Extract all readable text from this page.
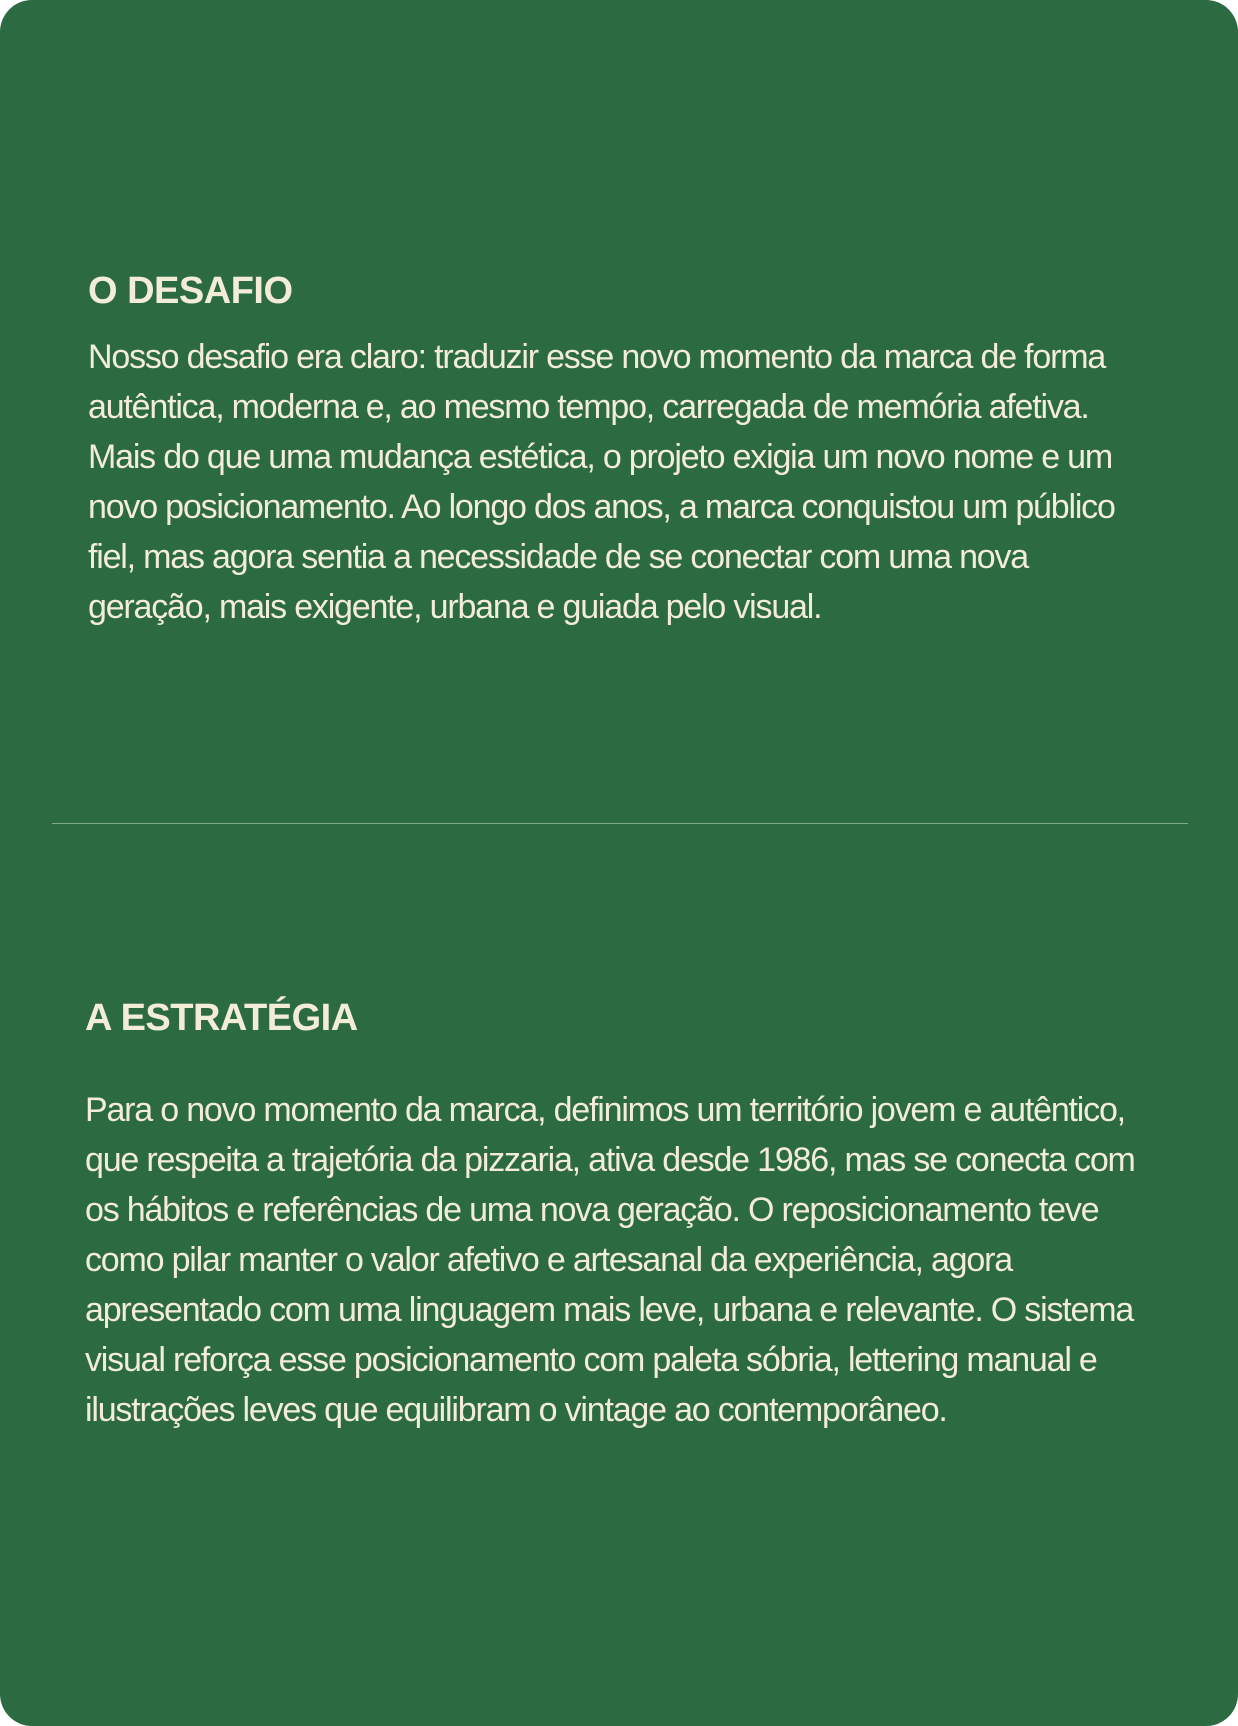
O DESAFIO

Nosso desafio era claro: traduzir esse novo momento da marca de forma autêntica, moderna e, ao mesmo tempo, carregada de memória afetiva. Mais do que uma mudança estética, o projeto exigia um novo nome e um novo posicionamento. Ao longo dos anos, a marca conquistou um público fiel, mas agora sentia a necessidade de se conectar com uma nova geração, mais exigente, urbana e guiada pelo visual.

A ESTRATÉGIA

Para o novo momento da marca, definimos um território jovem e autêntico, que respeita a trajetória da pizzaria, ativa desde 1986, mas se conecta com os hábitos e referências de uma nova geração. O reposicionamento teve como pilar manter o valor afetivo e artesanal da experiência, agora apresentado com uma linguagem mais leve, urbana e relevante. O sistema visual reforça esse posicionamento com paleta sóbria, lettering manual e ilustrações leves que equilibram o vintage ao contemporâneo.
